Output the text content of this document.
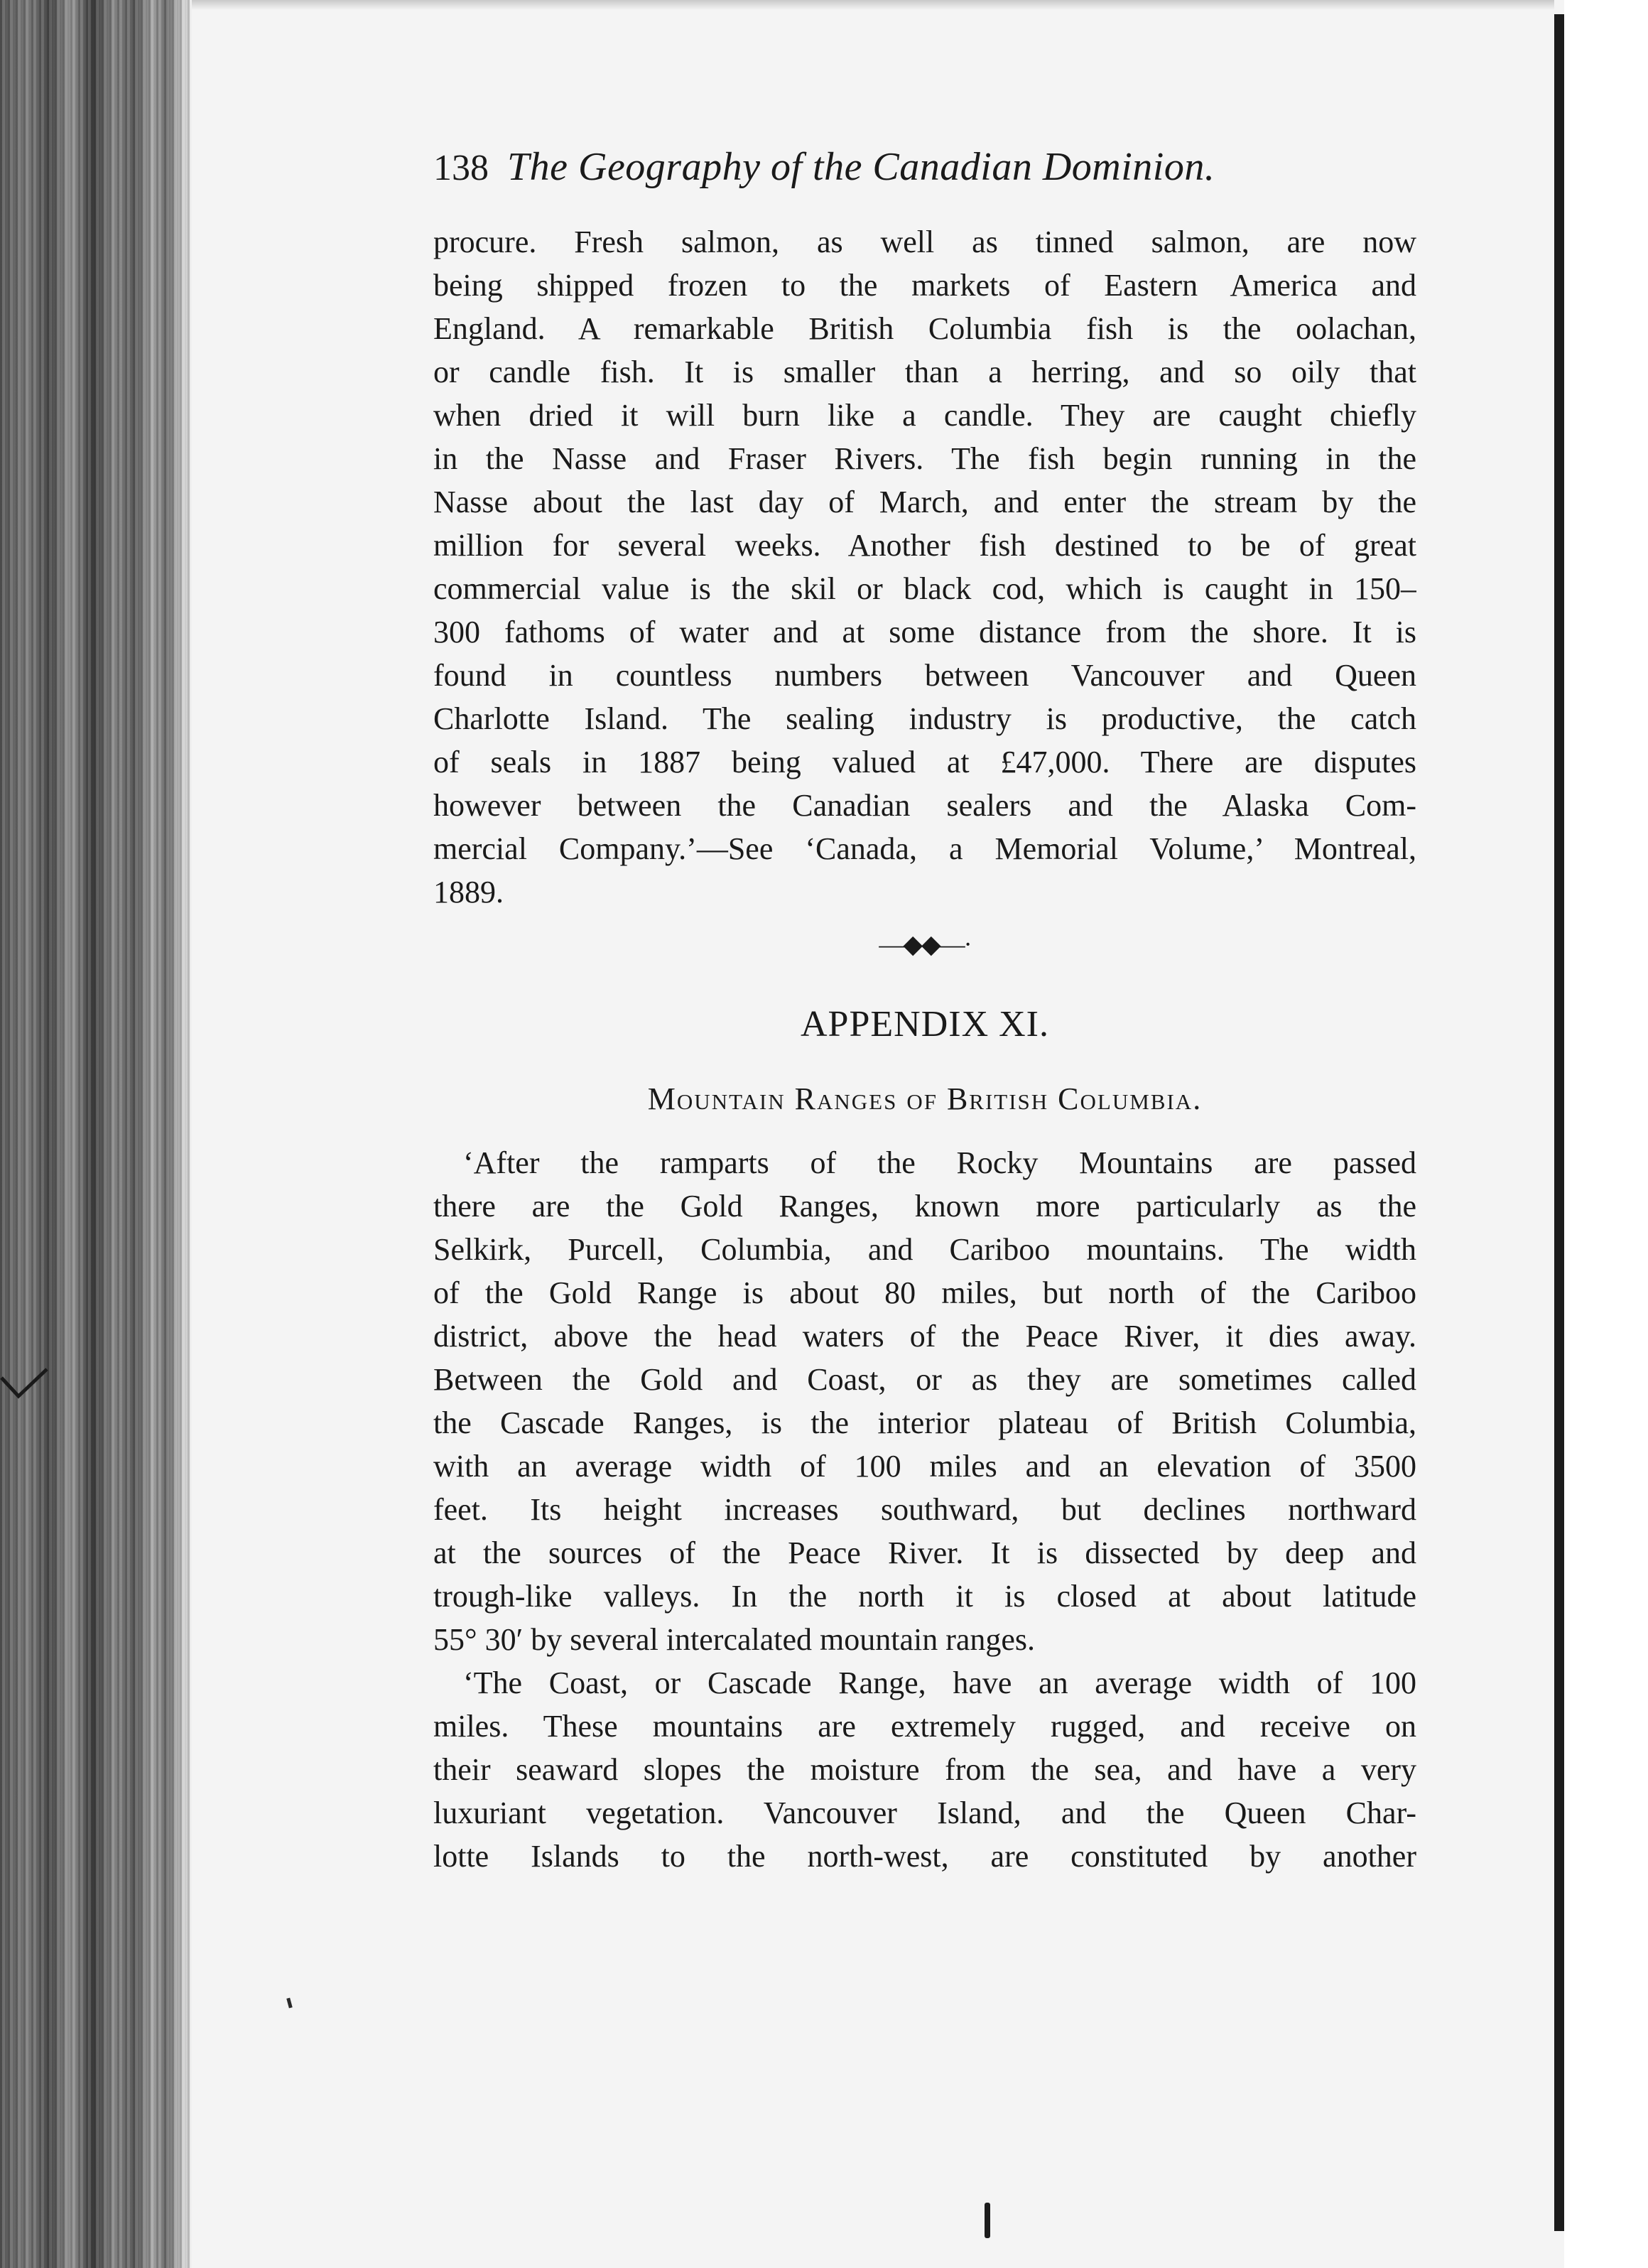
138 The Geography of the Canadian Dominion.
procure. Fresh salmon, as well as tinned salmon, are now
being shipped frozen to the markets of Eastern America and
England. A remarkable British Columbia fish is the oolachan,
or candle fish. It is smaller than a herring, and so oily that
when dried it will burn like a candle. They are caught chiefly
in the Nasse and Fraser Rivers. The fish begin running in the
Nasse about the last day of March, and enter the stream by the
million for several weeks. Another fish destined to be of great
commercial value is the skil or black cod, which is caught in 150–
300 fathoms of water and at some distance from the shore. It is
found in countless numbers between Vancouver and Queen
Charlotte Island. The sealing industry is productive, the catch
of seals in 1887 being valued at £47,000. There are disputes
however between the Canadian sealers and the Alaska Com-
mercial Company.’—See ‘Canada, a Memorial Volume,’ Montreal,
1889.
—◆◆—·
APPENDIX XI.
Mountain Ranges of British Columbia.
‘After the ramparts of the Rocky Mountains are passed
there are the Gold Ranges, known more particularly as the
Selkirk, Purcell, Columbia, and Cariboo mountains. The width
of the Gold Range is about 80 miles, but north of the Cariboo
district, above the head waters of the Peace River, it dies away.
Between the Gold and Coast, or as they are sometimes called
the Cascade Ranges, is the interior plateau of British Columbia,
with an average width of 100 miles and an elevation of 3500
feet. Its height increases southward, but declines northward
at the sources of the Peace River. It is dissected by deep and
trough-like valleys. In the north it is closed at about latitude
55° 30′ by several intercalated mountain ranges.
‘The Coast, or Cascade Range, have an average width of 100
miles. These mountains are extremely rugged, and receive on
their seaward slopes the moisture from the sea, and have a very
luxuriant vegetation. Vancouver Island, and the Queen Char-
lotte Islands to the north-west, are constituted by another
